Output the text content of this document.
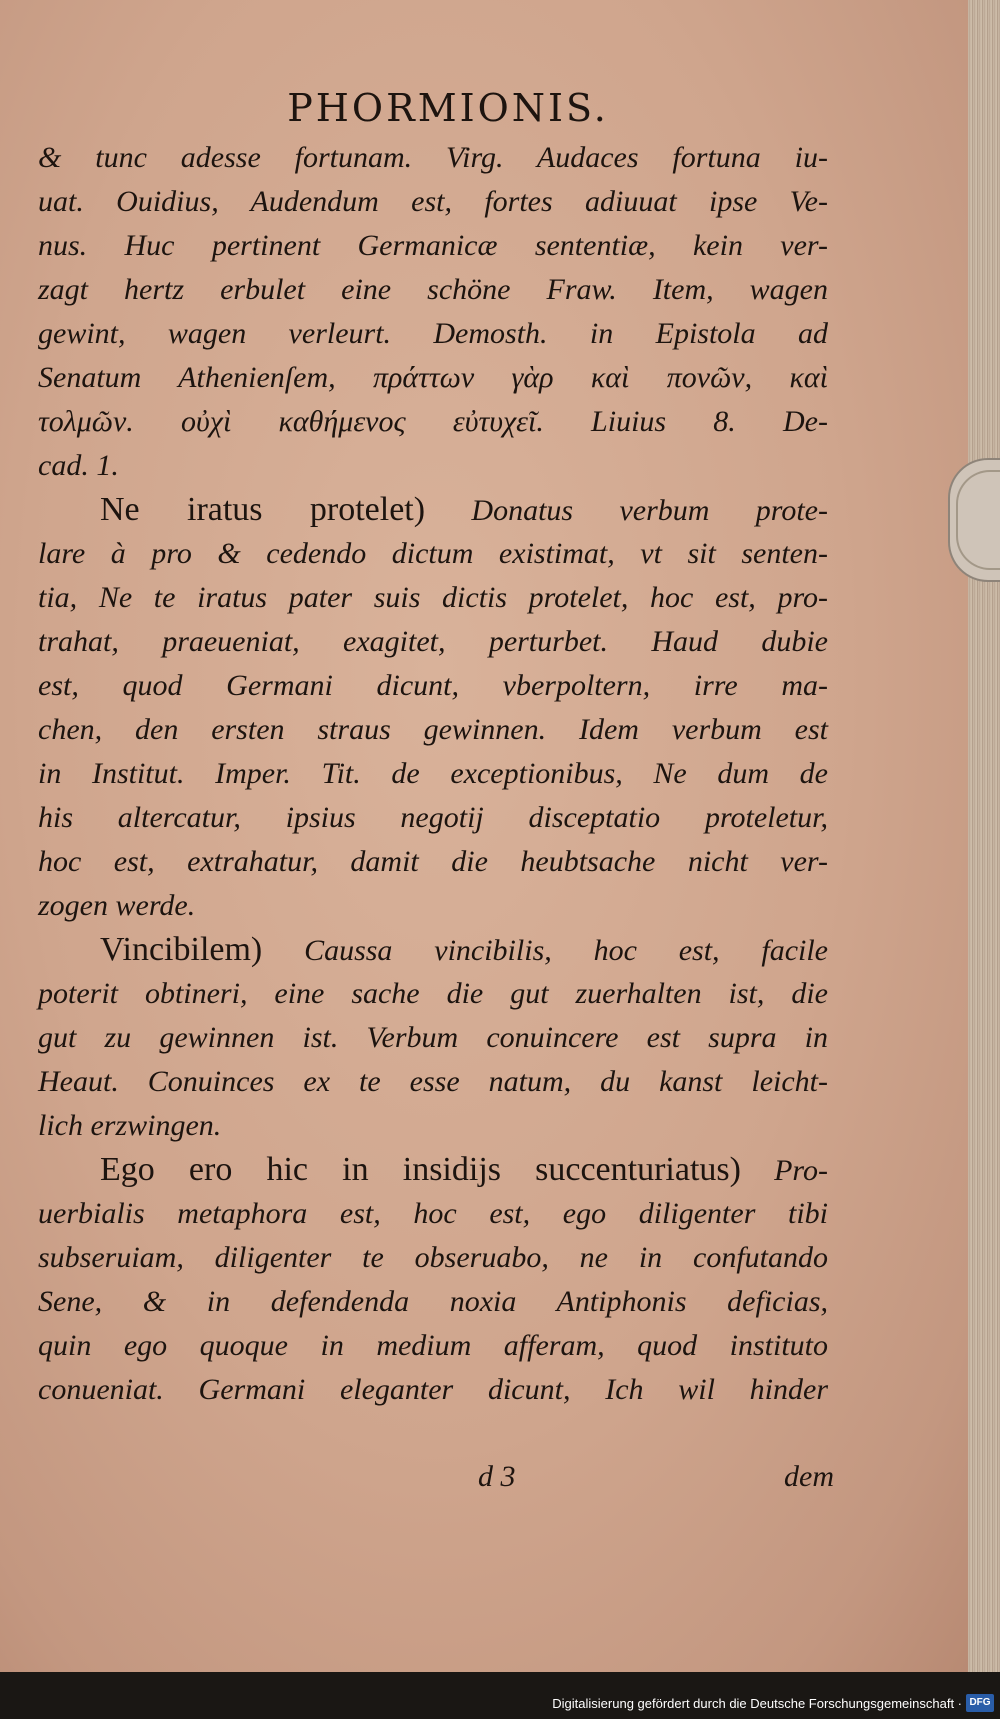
PHORMIONIS.
& tunc adesse fortunam. Virg. Audaces fortuna iu-
uat. Ouidius, Audendum est, fortes adiuuat ipse Ve-
nus. Huc pertinent Germanicæ sententiæ, kein ver-
zagt hertz erbulet eine schöne Fraw. Item, wagen
gewint, wagen verleurt. Demosth. in Epistola ad
Senatum Athenienſem, πράττων γὰρ καὶ πονῶν, καὶ
τολμῶν. οὐχὶ καθήμενος εὐτυχεῖ. Liuius 8. De-
cad. 1.
Ne iratus protelet) Donatus verbum prote-
lare à pro & cedendo dictum existimat, vt sit senten-
tia, Ne te iratus pater suis dictis protelet, hoc est, pro-
trahat, praeueniat, exagitet, perturbet. Haud dubie
est, quod Germani dicunt, vberpoltern, irre ma-
chen, den ersten straus gewinnen. Idem verbum est
in Institut. Imper. Tit. de exceptionibus, Ne dum de
his altercatur, ipsius negotij disceptatio proteletur,
hoc est, extrahatur, damit die heubtsache nicht ver-
zogen werde.
Vincibilem) Caussa vincibilis, hoc est, facile
poterit obtineri, eine sache die gut zuerhalten ist, die
gut zu gewinnen ist. Verbum conuincere est supra in
Heaut. Conuinces ex te esse natum, du kanst leicht-
lich erzwingen.
Ego ero hic in insidijs succenturiatus) Pro-
uerbialis metaphora est, hoc est, ego diligenter tibi
subseruiam, diligenter te obseruabo, ne in confutando
Sene, & in defendenda noxia Antiphonis deficias,
quin ego quoque in medium afferam, quod instituto
conueniat. Germani eleganter dicunt, Ich wil hinder
d 3	dem
Digitalisierung gefördert durch die Deutsche Forschungsgemeinschaft · DFG
